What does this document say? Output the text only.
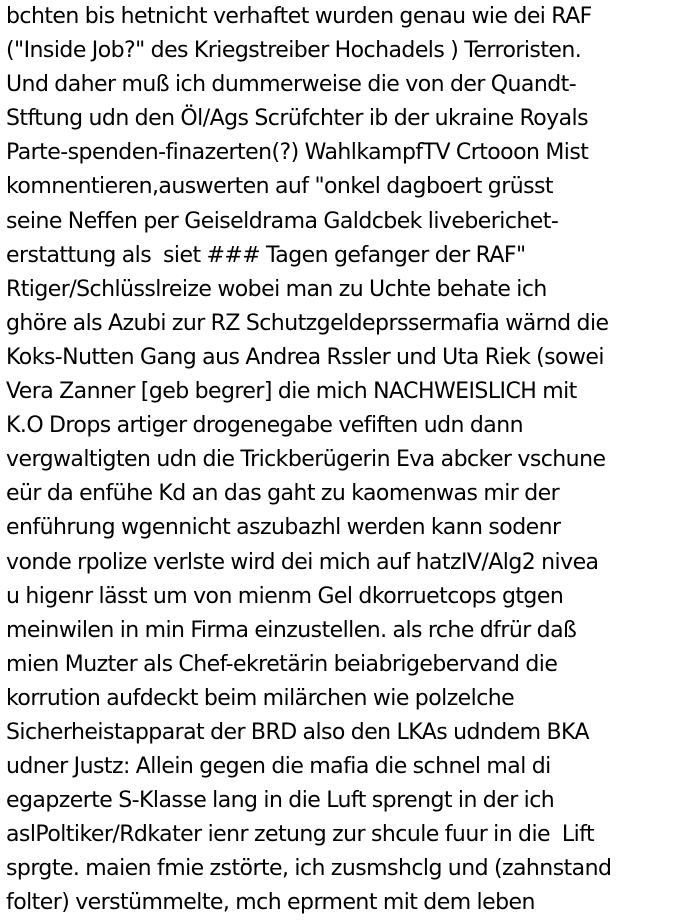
bchten bis hetnicht verhaftet wurden genau wie dei RAF
("Inside Job?" des Kriegstreiber Hochadels ) Terroristen.
Und daher muß ich dummerweise die von der Quandt-
Stftung udn den Öl/Ags Scrüfchter ib der ukraine Royals
Parte-spenden-finazerten(?) WahlkampfTV Crtooon Mist
komnentieren,auswerten auf "onkel dagboert grüsst
seine Neffen per Geiseldrama Galdcbek liveberichet-
erstattung als  siet ### Tagen gefanger der RAF"
Rtiger/Schlüsslreize wobei man zu Uchte behate ich
ghöre als Azubi zur RZ Schutzgeldeprssermafia wärnd die
Koks-Nutten Gang aus Andrea Rssler und Uta Riek (sowei
Vera Zanner [geb begrer] die mich NACHWEISLICH mit
K.O Drops artiger drogenegabe vefiften udn dann
vergwaltigten udn die Trickberügerin Eva abcker vschune
eür da enfühe Kd an das gaht zu kaomenwas mir der
enführung wgennicht aszubazhl werden kann sodenr
vonde rpolize verlste wird dei mich auf hatzIV/Alg2 nivea
u higenr lässt um von mienm Gel dkorruetcops gtgen
meinwilen in min Firma einzustellen. als rche dfrür daß
mien Muzter als Chef-ekretärin beiabrigebervand die
korrution aufdeckt beim milärchen wie polzelche
Sicherheistapparat der BRD also den LKAs udndem BKA
udner Justz: Allein gegen die mafia die schnel mal di
egapzerte S-Klasse lang in die Luft sprengt in der ich
aslPoltiker/Rdkater ienr zetung zur shcule fuur in die  Lift
sprgte. maien fmie zstörte, ich zusmshclg und (zahnstand
folter) verstümmelte, mch eprment mit dem leben
